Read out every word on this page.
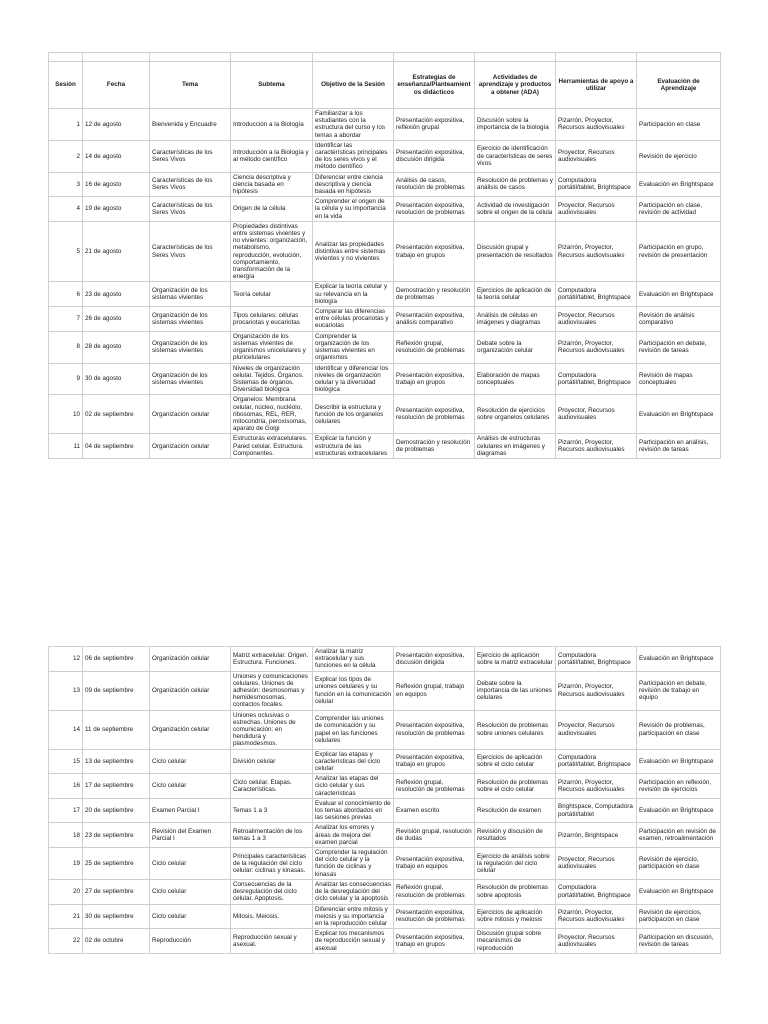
Sesión	Fecha	Tema	Subtema	Objetivo de la Sesión	Estrategias de enseñanza/Planteamientos didácticos	Actividades de aprendizaje y productos a obtener (ADA)	Herramientas de apoyo a utilizar	Evaluación de Aprendizaje
1	12 de agosto	Bienvenida y Encuadre	Introducción a la Biología	Familiarizar a los estudiantes con la estructura del curso y los temas a abordar	Presentación expositiva, reflexión grupal	Discusión sobre la importancia de la biología	Pizarrón, Proyector, Recursos audiovisuales	Participación en clase
2	14 de agosto	Características de los Seres Vivos	Introducción a la Biología y al método científico	Identificar las características principales de los seres vivos y el método científico	Presentación expositiva, discusión dirigida	Ejercicio de identificación de características de seres vivos	Proyector, Recursos audiovisuales	Revisión de ejercicio
3	16 de agosto	Características de los Seres Vivos	Ciencia descriptiva y ciencia basada en hipótesis	Diferenciar entre ciencia descriptiva y ciencia basada en hipótesis	Análisis de casos, resolución de problemas	Resolución de problemas y análisis de casos	Computadora portátil/tablet, Brightspace	Evaluación en Brightspace
4	19 de agosto	Características de los Seres Vivos	Origen de la célula	Comprender el origen de la célula y su importancia en la vida	Presentación expositiva, resolución de problemas	Actividad de investigación sobre el origen de la célula	Proyector, Recursos audiovisuales	Participación en clase, revisión de actividad
5	21 de agosto	Características de los Seres Vivos	Propiedades distintivas entre sistemas vivientes y no vivientes: organización, metabolismo, reproducción, evolución, comportamiento, transformación de la energía	Analizar las propiedades distintivas entre sistemas vivientes y no vivientes	Presentación expositiva, trabajo en grupos	Discusión grupal y presentación de resultados	Pizarrón, Proyector, Recursos audiovisuales	Participación en grupo, revisión de presentación
6	23 de agosto	Organización de los sistemas vivientes	Teoría celular	Explicar la teoría celular y su relevancia en la biología	Demostración y resolución de problemas	Ejercicios de aplicación de la teoría celular	Computadora portátil/tablet, Brightspace	Evaluación en Brightspace
7	26 de agosto	Organización de los sistemas vivientes	Tipos celulares: células procariotas y eucariotas	Comparar las diferencias entre células procariotas y eucariotas	Presentación expositiva, análisis comparativo	Análisis de células en imágenes y diagramas	Proyector, Recursos audiovisuales	Revisión de análisis comparativo
8	28 de agosto	Organización de los sistemas vivientes	Organización de los sistemas vivientes de organismos unicelulares y pluricelulares	Comprender la organización de los sistemas vivientes en organismos	Reflexión grupal, resolución de problemas	Debate sobre la organización celular	Pizarrón, Proyector, Recursos audiovisuales	Participación en debate, revisión de tareas
9	30 de agosto	Organización de los sistemas vivientes	Niveles de organización celular. Tejidos. Órganos. Sistemas de órganos. Diversidad biológica	Identificar y diferenciar los niveles de organización celular y la diversidad biológica	Presentación expositiva, trabajo en grupos	Elaboración de mapas conceptuales	Computadora portátil/tablet, Brightspace	Revisión de mapas conceptuales
10	02 de septiembre	Organización celular	Organelos: Membrana celular, núcleo, nucléolo, ribosomas, REL, RER, mitocondria, peroxisomas, aparato de Golgi	Describir la estructura y función de los organelos celulares	Presentación expositiva, resolución de problemas	Resolución de ejercicios sobre organelos celulares	Proyector, Recursos audiovisuales	Evaluación en Brightspace
11	04 de septiembre	Organización celular	Estructuras extracelulares. Pared celular. Estructura. Componentes.	Explicar la función y estructura de las estructuras extracelulares	Demostración y resolución de problemas	Análisis de estructuras celulares en imágenes y diagramas	Pizarrón, Proyector, Recursos audiovisuales	Participación en análisis, revisión de tareas
12	06 de septiembre	Organización celular	Matriz extracelular. Origen. Estructura. Funciones.	Analizar la matriz extracelular y sus funciones en la célula	Presentación expositiva, discusión dirigida	Ejercicio de aplicación sobre la matriz extracelular	Computadora portátil/tablet, Brightspace	Evaluación en Brightspace
13	09 de septiembre	Organización celular	Uniones y comunicaciones celulares. Uniones de adhesión: desmosomas y hemidesmosomas, contactos focales.	Explicar los tipos de uniones celulares y su función en la comunicación celular	Reflexión grupal, trabajo en equipos	Debate sobre la importancia de las uniones celulares	Pizarrón, Proyector, Recursos audiovisuales	Participación en debate, revisión de trabajo en equipo
14	11 de septiembre	Organización celular	Uniones oclusivas o estrechas. Uniones de comunicación: en hendidura y plasmodesmos.	Comprender las uniones de comunicación y su papel en las funciones celulares	Presentación expositiva, resolución de problemas	Resolución de problemas sobre uniones celulares	Proyector, Recursos audiovisuales	Revisión de problemas, participación en clase
15	13 de septiembre	Ciclo celular	División celular	Explicar las etapas y características del ciclo celular	Presentación expositiva, trabajo en grupos	Ejercicios de aplicación sobre el ciclo celular	Computadora portátil/tablet, Brightspace	Evaluación en Brightspace
16	17 de septiembre	Ciclo celular	Ciclo celular. Etapas. Características.	Analizar las etapas del ciclo celular y sus características	Reflexión grupal, resolución de problemas	Resolución de problemas sobre el ciclo celular	Pizarrón, Proyector, Recursos audiovisuales	Participación en reflexión, revisión de ejercicios
17	20 de septiembre	Examen Parcial I	Temas 1 a 3	Evaluar el conocimiento de los temas abordados en las sesiones previas	Examen escrito	Resolución de examen	Brightspace, Computadora portátil/tablet	Evaluación en Brightspace
18	23 de septiembre	Revisión del Examen Parcial I	Retroalimentación de los temas 1 a 3	Analizar los errores y áreas de mejora del examen parcial	Revisión grupal, resolución de dudas	Revisión y discusión de resultados	Pizarrón, Brightspace	Participación en revisión de examen, retroalimentación
19	25 de septiembre	Ciclo celular	Principales características de la regulación del ciclo celular: ciclinas y kinasas.	Comprender la regulación del ciclo celular y la función de ciclinas y kinasas	Presentación expositiva, trabajo en equipos	Ejercicio de análisis sobre la regulación del ciclo celular	Proyector, Recursos audiovisuales	Revisión de ejercicio, participación en clase
20	27 de septiembre	Ciclo celular	Consecuencias de la desregulación del ciclo celular. Apoptosis.	Analizar las consecuencias de la desregulación del ciclo celular y la apoptosis	Reflexión grupal, resolución de problemas	Resolución de problemas sobre apoptosis	Computadora portátil/tablet, Brightspace	Evaluación en Brightspace
21	30 de septiembre	Ciclo celular	Mitosis. Meiosis.	Diferenciar entre mitosis y meiosis y su importancia en la reproducción celular	Presentación expositiva, resolución de problemas	Ejercicios de aplicación sobre mitosis y meiosis	Pizarrón, Proyector, Recursos audiovisuales	Revisión de ejercicios, participación en clase
22	02 de octubre	Reproducción	Reproducción sexual y asexual.	Explicar los mecanismos de reproducción sexual y asexual	Presentación expositiva, trabajo en grupos	Discusión grupal sobre mecanismos de reproducción	Proyector, Recursos audiovisuales	Participación en discusión, revisión de tareas
